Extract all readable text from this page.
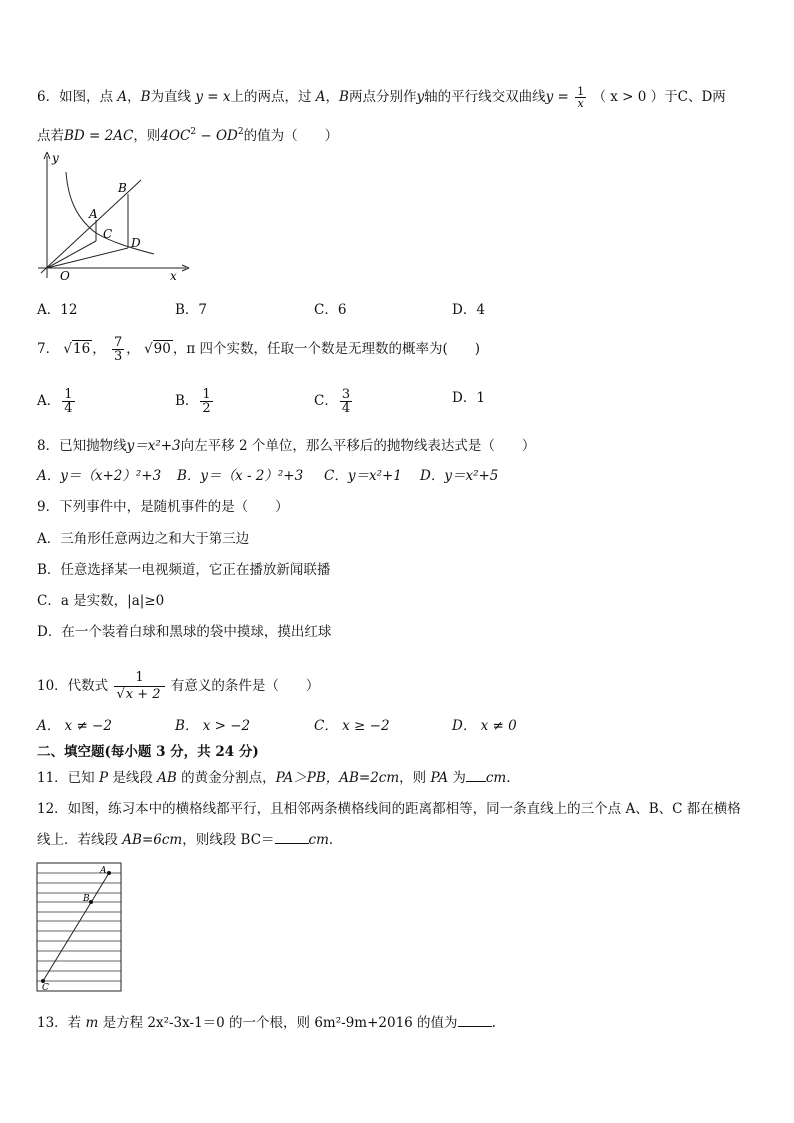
6．如图，点 A，B为直线 y = x上的两点，过 A，B两点分别作y轴的平行线交双曲线$y = \frac{1}{x}$ （ x > 0 ）于C、D两
点若BD = 2AC，则$4OC^2 - OD^2$的值为（　　）
y
x
O
A
B
C
D
A．12	B．7	C．6	D．4
7． √16 ， $\frac{7}{3}$ ， √90 ，π 四个实数，任取一个数是无理数的概率为(　　)
A． $\frac{1}{4}$	B． $\frac{1}{2}$	C． $\frac{3}{4}$	D．1
8．已知抛物线y＝x²+3向左平移 2 个单位，那么平移后的抛物线表达式是（　　）
A．y＝（x+2）²+3 B．y＝（x - 2）²+3 C．y＝x²+1 D．y＝x²+5
9．下列事件中，是随机事件的是（　　）
A．三角形任意两边之和大于第三边
B．任意选择某一电视频道，它正在播放新闻联播
C．a 是实数，|a|≥0
D．在一个装着白球和黑球的袋中摸球，摸出红球
10．代数式 $\frac{1}{√x + 2}$ 有意义的条件是（　　）
A． x ≠ −2	B． x > −2	C． x ≥ −2	D． x ≠ 0
二、填空题(每小题 3 分，共 24 分)
11．已知 P 是线段 AB 的黄金分割点，PA＞PB，AB=2cm，则 PA 为 cm.
12．如图，练习本中的横格线都平行，且相邻两条横格线间的距离都相等，同一条直线上的三个点 A、B、C 都在横格
线上．若线段 AB=6cm，则线段 BC＝	cm．
A
B
C
13．若 m 是方程 2x²-3x-1＝0 的一个根，则 6m²-9m+2016 的值为	.
